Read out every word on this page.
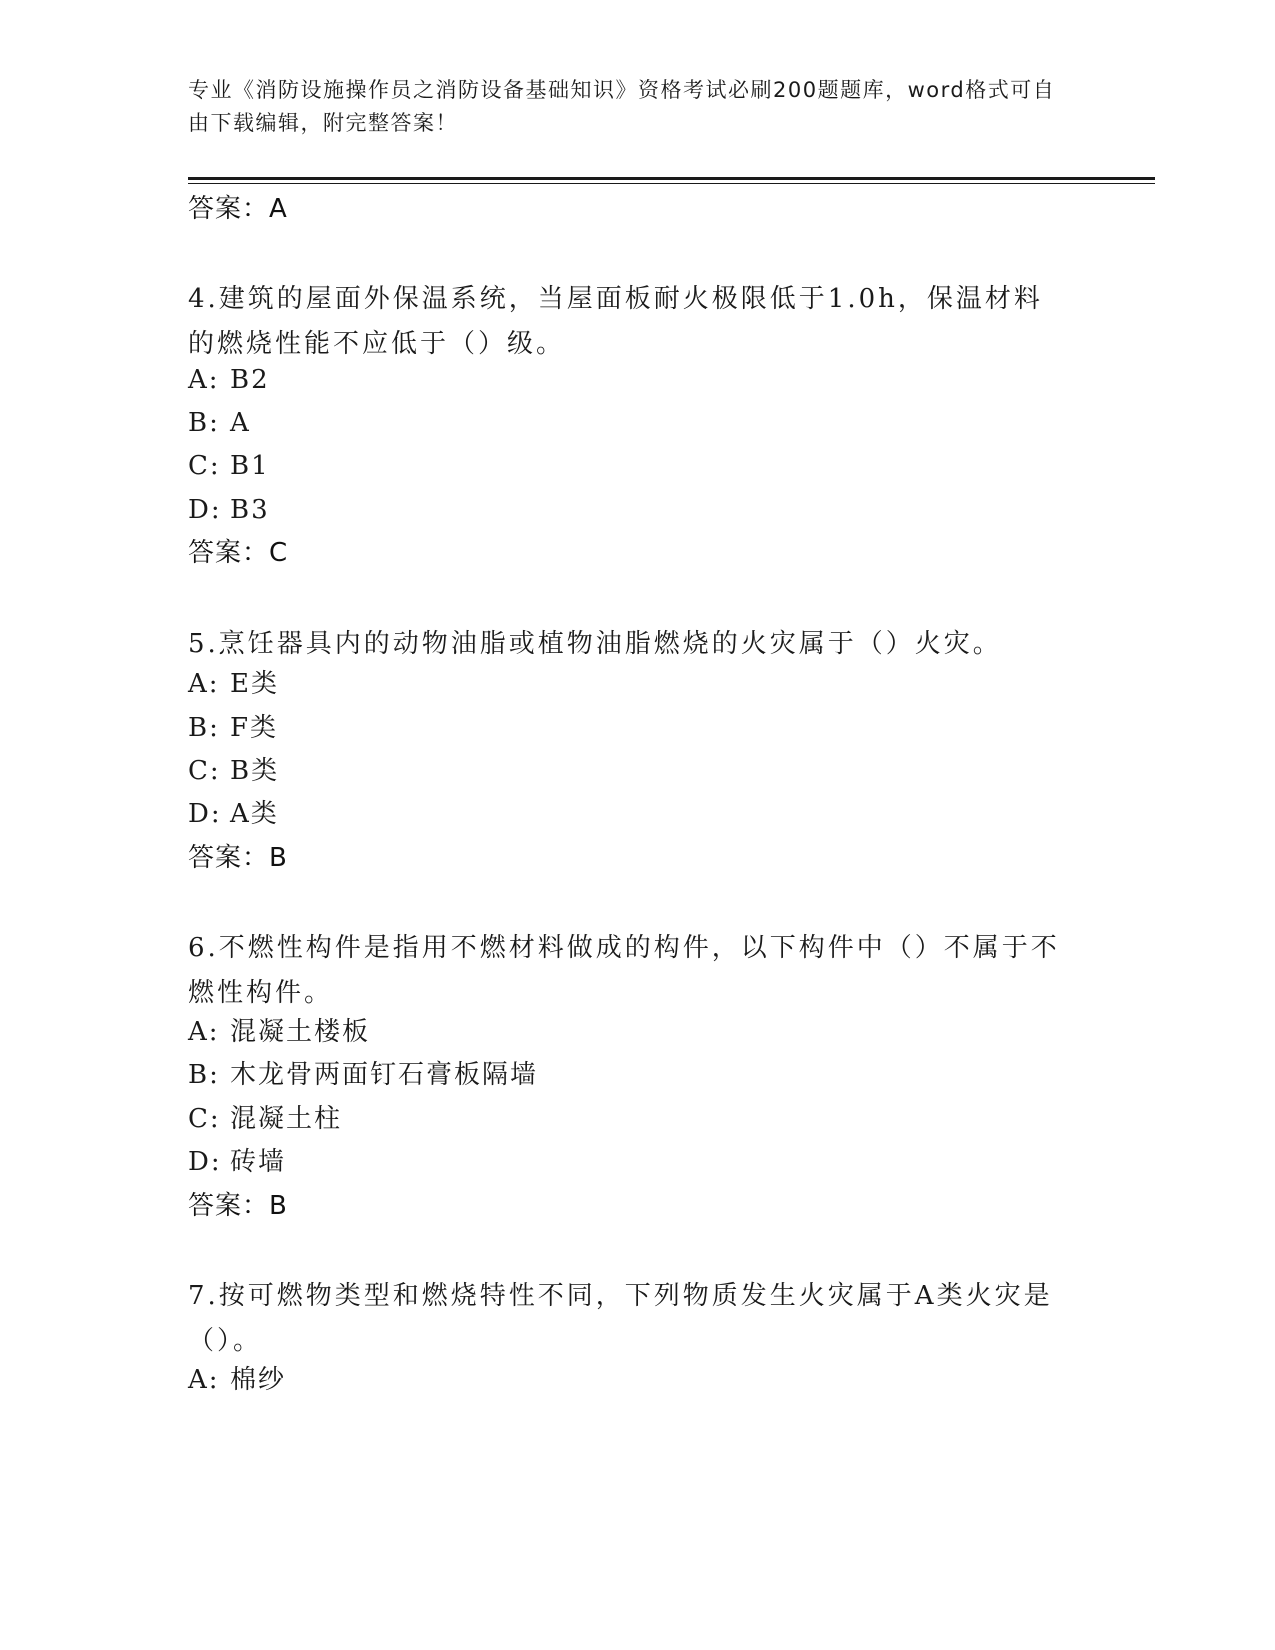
专业《消防设施操作员之消防设备基础知识》资格考试必刷200题题库，word格式可自由下载编辑，附完整答案！
答案：A
4.建筑的屋面外保温系统，当屋面板耐火极限低于1.0h，保温材料的燃烧性能不应低于（）级。
A: B2
B: A
C: B1
D: B3
答案：C
5.烹饪器具内的动物油脂或植物油脂燃烧的火灾属于（）火灾。
A: E类
B: F类
C: B类
D: A类
答案：B
6.不燃性构件是指用不燃材料做成的构件，以下构件中（）不属于不燃性构件。
A: 混凝土楼板
B: 木龙骨两面钉石膏板隔墙
C: 混凝土柱
D: 砖墙
答案：B
7.按可燃物类型和燃烧特性不同，下列物质发生火灾属于A类火灾是（）。
A: 棉纱
